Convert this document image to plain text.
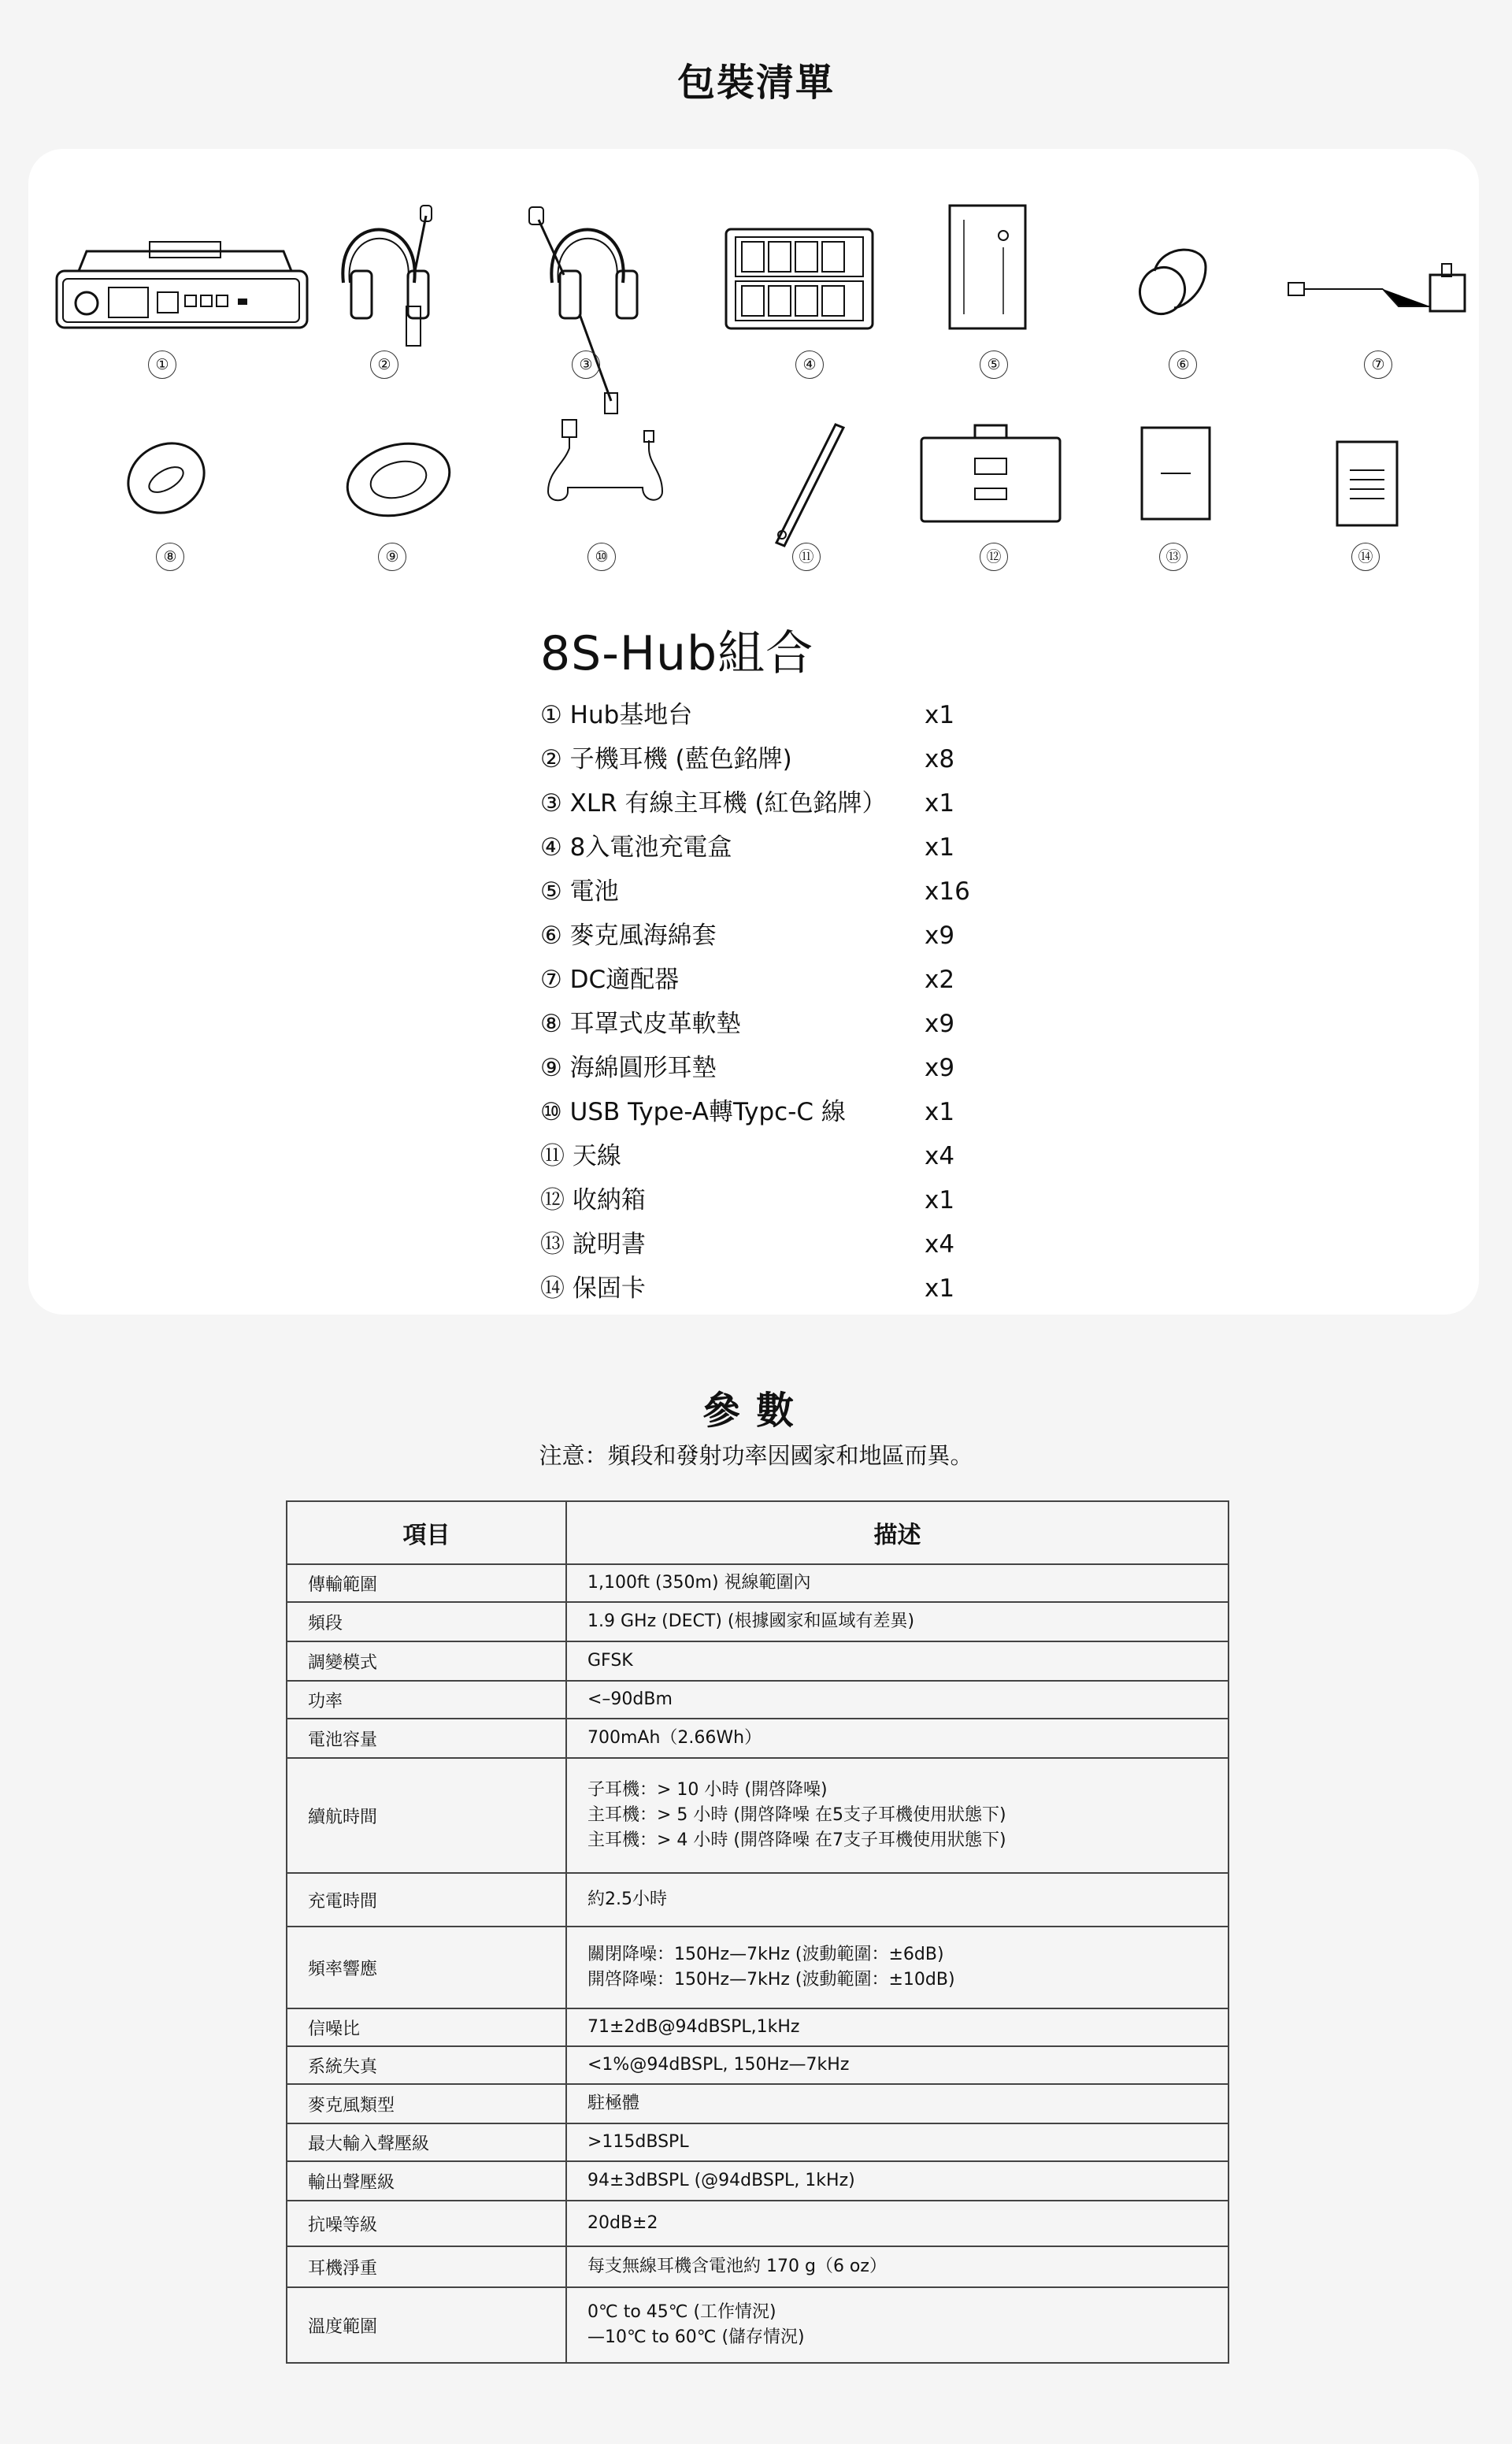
包裝清單
①	②	③	④	⑤	⑥	⑦
⑧	⑨	⑩	⑪	⑫	⑬	⑭
8S-Hub組合
① Hub基地台	x1
② 子機耳機 (藍色銘牌)	x8
③ XLR 有線主耳機 (紅色銘牌） x1
④ 8入電池充電盒	x1
⑤ 電池	x16
⑥ 麥克風海綿套	x9
⑦ DC適配器	x2
⑧ 耳罩式皮革軟墊	x9
⑨ 海綿圓形耳墊	x9
⑩ USB Type-A轉Typc-C 線	x1
⑪ 天線	x4
⑫ 收納箱	x1
⑬ 說明書	x4
⑭ 保固卡	x1
參數
注意：頻段和發射功率因國家和地區而異。
項目	描述
傳輸範圍	1,100ft (350m) 視線範圍內

頻段	1.9 GHz (DECT) (根據國家和區域有差異)

調變模式	GFSK

功率	<–90dBm

電池容量	700mAh（2.66Wh）

續航時間	子耳機：> 10 小時 (開啓降噪)
主耳機：> 5 小時 (開啓降噪 在5支子耳機使用狀態下)
主耳機：> 4 小時 (開啓降噪 在7支子耳機使用狀態下)

充電時間	約2.5小時

頻率響應	關閉降噪：150Hz—7kHz (波動範圍：±6dB)
開啓降噪：150Hz—7kHz (波動範圍：±10dB)

信噪比	71±2dB@94dBSPL,1kHz

系統失真	<1%@94dBSPL, 150Hz—7kHz

麥克風類型	駐極體

最大輸入聲壓級	>115dBSPL

輸出聲壓級	94±3dBSPL (@94dBSPL, 1kHz)

抗噪等級	20dB±2

耳機淨重	每支無線耳機含電池約 170 g（6 oz）

溫度範圍	0℃ to 45℃ (工作情況)
—10℃ to 60℃ (儲存情況)
